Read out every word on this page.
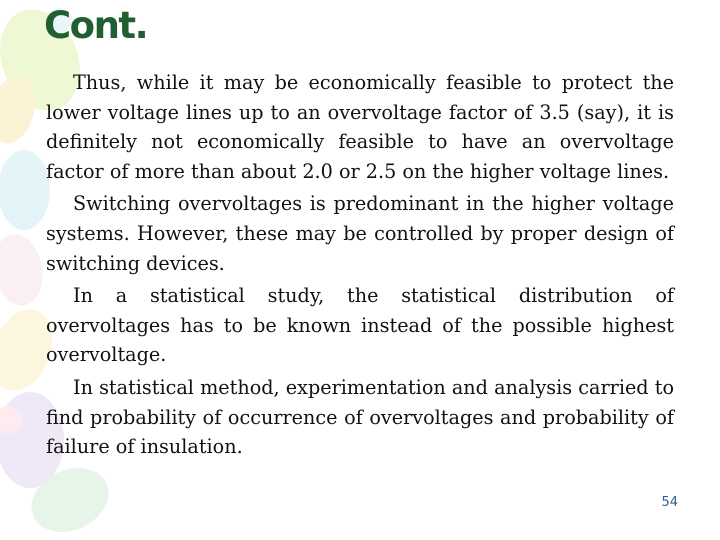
Cont.

Thus, while it may be economically feasible to protect the lower voltage lines up to an overvoltage factor of 3.5 (say), it is definitely not economically feasible to have an overvoltage factor of more than about 2.0 or 2.5 on the higher voltage lines.

Switching overvoltages is predominant in the higher voltage systems. However, these may be controlled by proper design of switching devices.

In a statistical study, the statistical distribution of overvoltages has to be known instead of the possible highest overvoltage.

In statistical method, experimentation and analysis carried to find probability of occurrence of overvoltages and probability of failure of insulation.

54
